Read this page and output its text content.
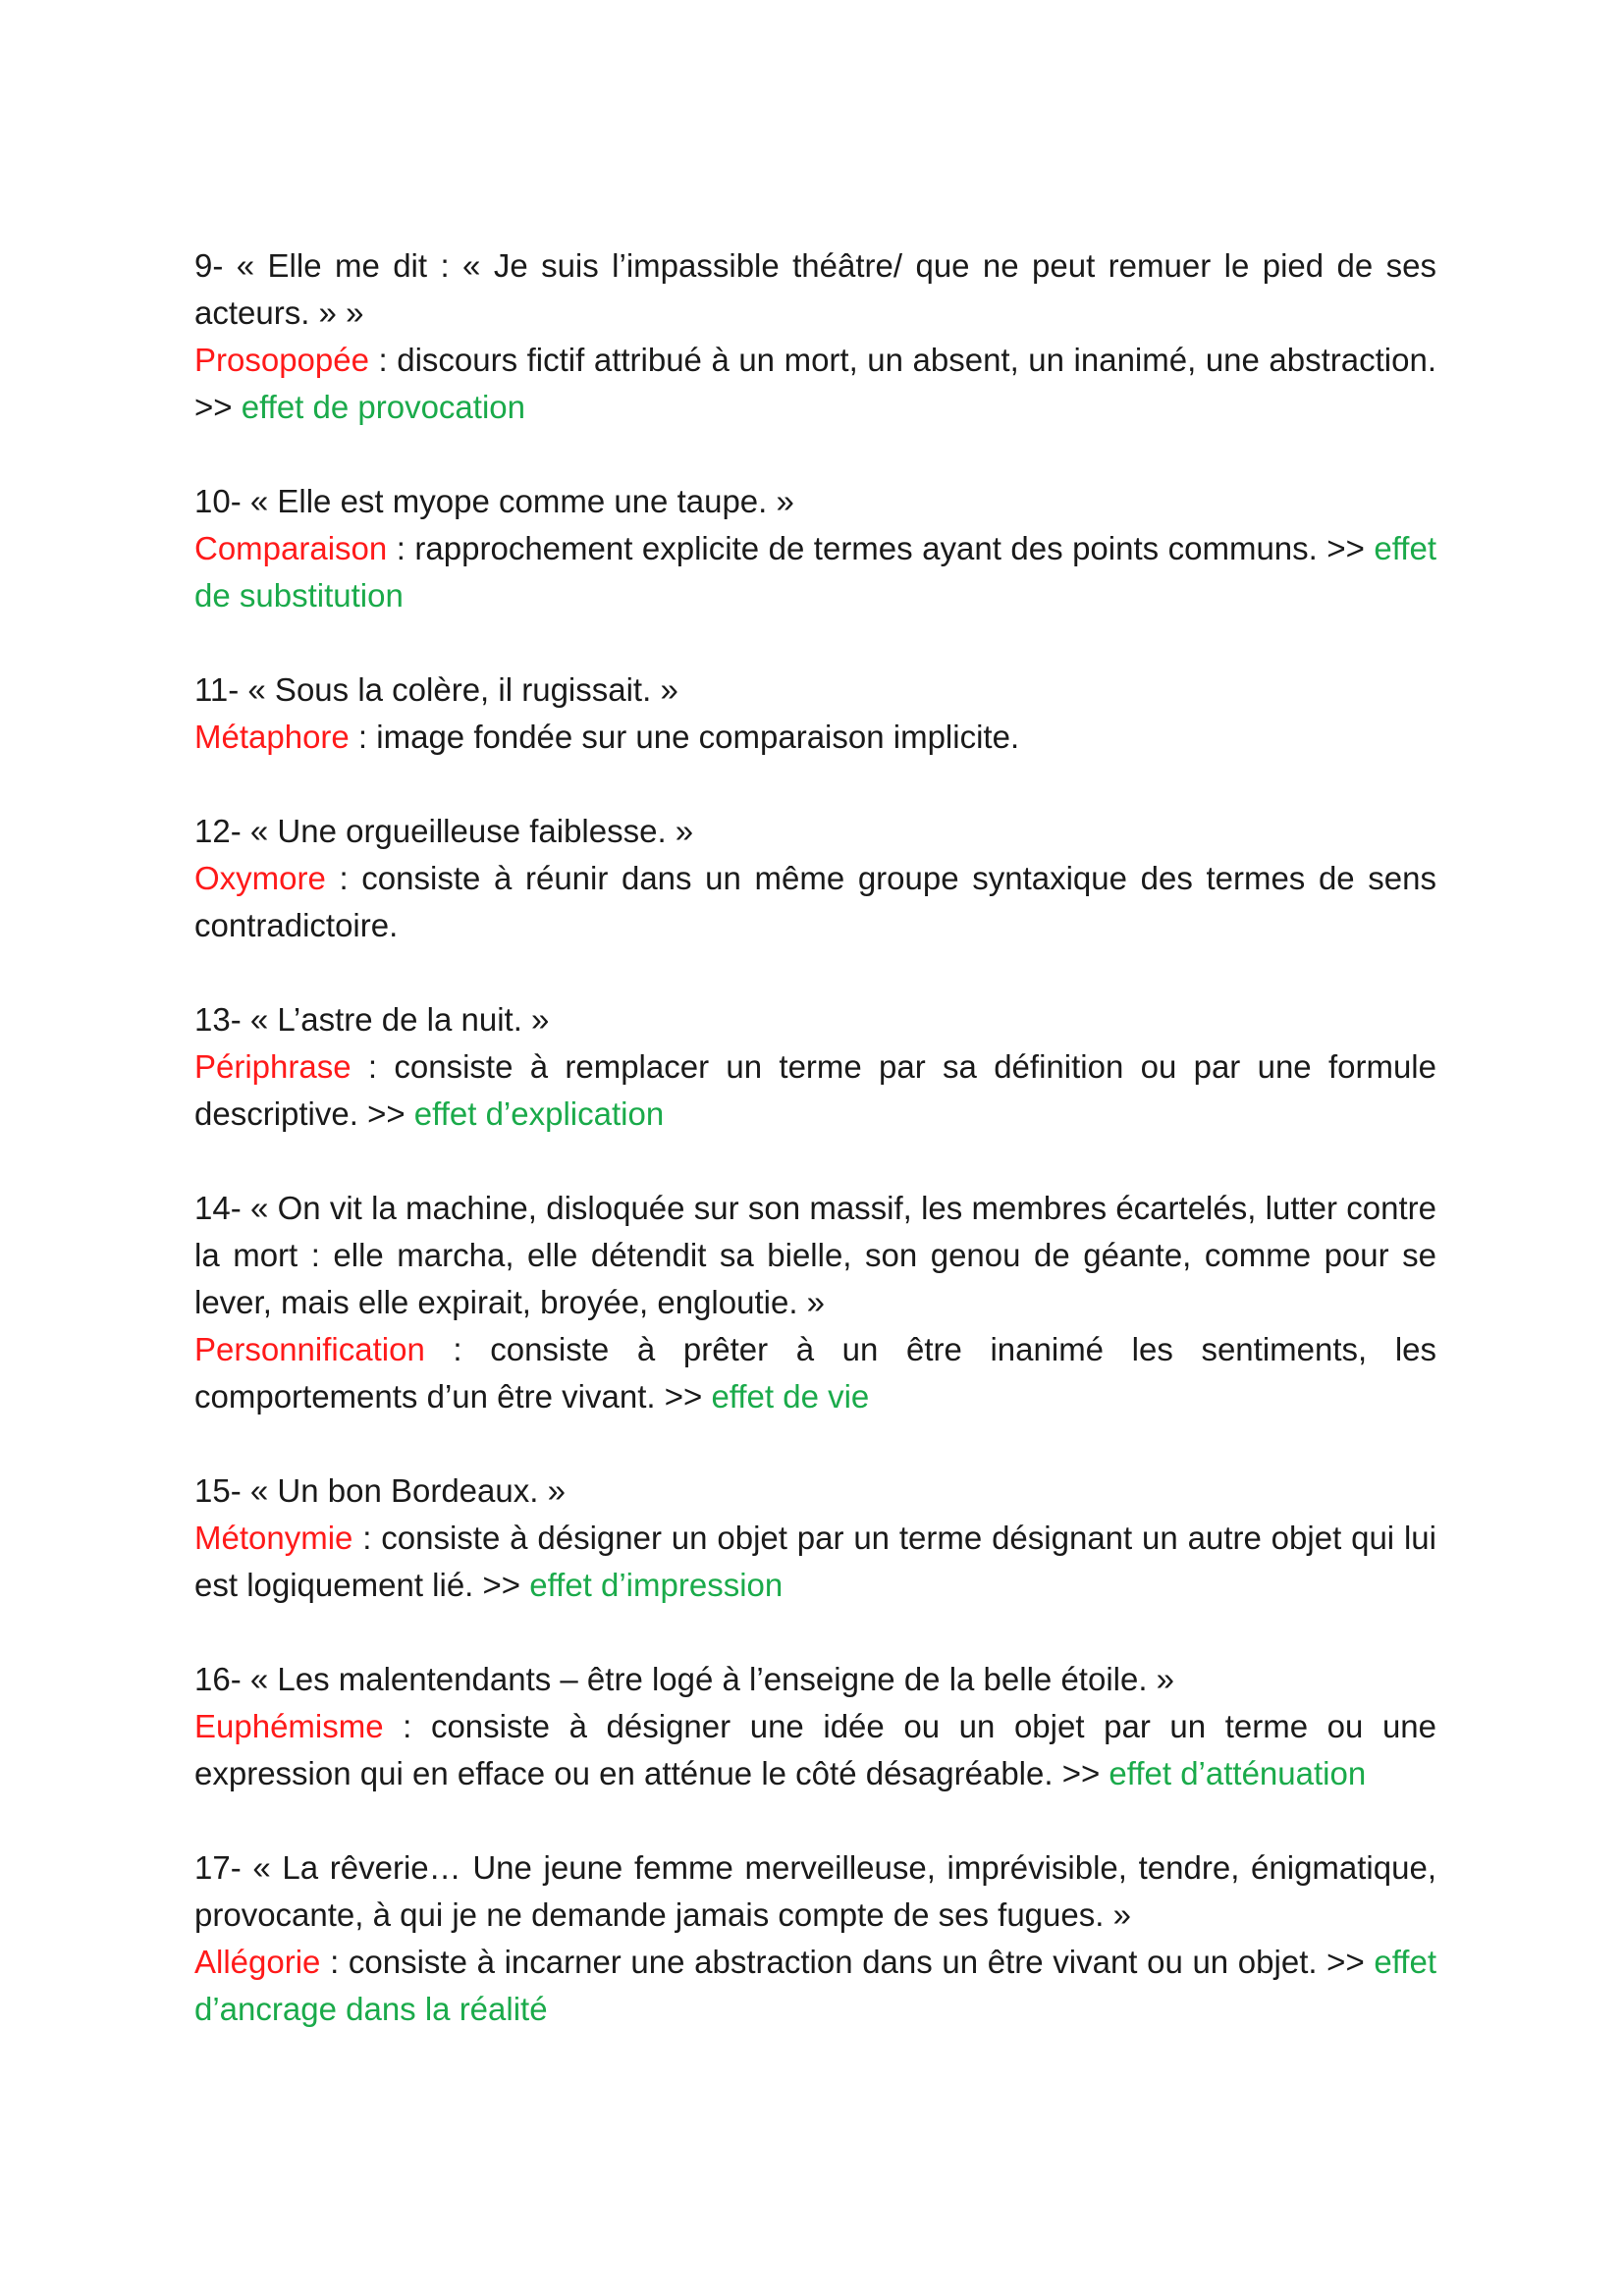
9- « Elle me dit : « Je suis l’impassible théâtre/ que ne peut remuer le pied de ses acteurs. » »

Prosopopée : discours fictif attribué à un mort, un absent, un inanimé, une abstraction. >> effet de provocation

10- « Elle est myope comme une taupe. »

Comparaison : rapprochement explicite de termes ayant des points communs. >> effet de substitution

11- « Sous la colère, il rugissait. »

Métaphore : image fondée sur une comparaison implicite.

12- « Une orgueilleuse faiblesse. »

Oxymore : consiste à réunir dans un même groupe syntaxique des termes de sens contradictoire.

13- « L’astre de la nuit. »

Périphrase : consiste à remplacer un terme par sa définition ou par une formule descriptive. >> effet d’explication

14- « On vit la machine, disloquée sur son massif, les membres écartelés, lutter contre la mort : elle marcha, elle détendit sa bielle, son genou de géante, comme pour se lever, mais elle expirait, broyée, engloutie. »

Personnification : consiste à prêter à un être inanimé les sentiments, les comportements d’un être vivant. >> effet de vie

15- « Un bon Bordeaux. »

Métonymie : consiste à désigner un objet par un terme désignant un autre objet qui lui est logiquement lié. >> effet d’impression

16- « Les malentendants – être logé à l’enseigne de la belle étoile. »

Euphémisme : consiste à désigner une idée ou un objet par un terme ou une expression qui en efface ou en atténue le côté désagréable. >> effet d’atténuation

17- « La rêverie… Une jeune femme merveilleuse, imprévisible, tendre, énigmatique, provocante, à qui je ne demande jamais compte de ses fugues. »

Allégorie : consiste à incarner une abstraction dans un être vivant ou un objet. >> effet d’ancrage dans la réalité
